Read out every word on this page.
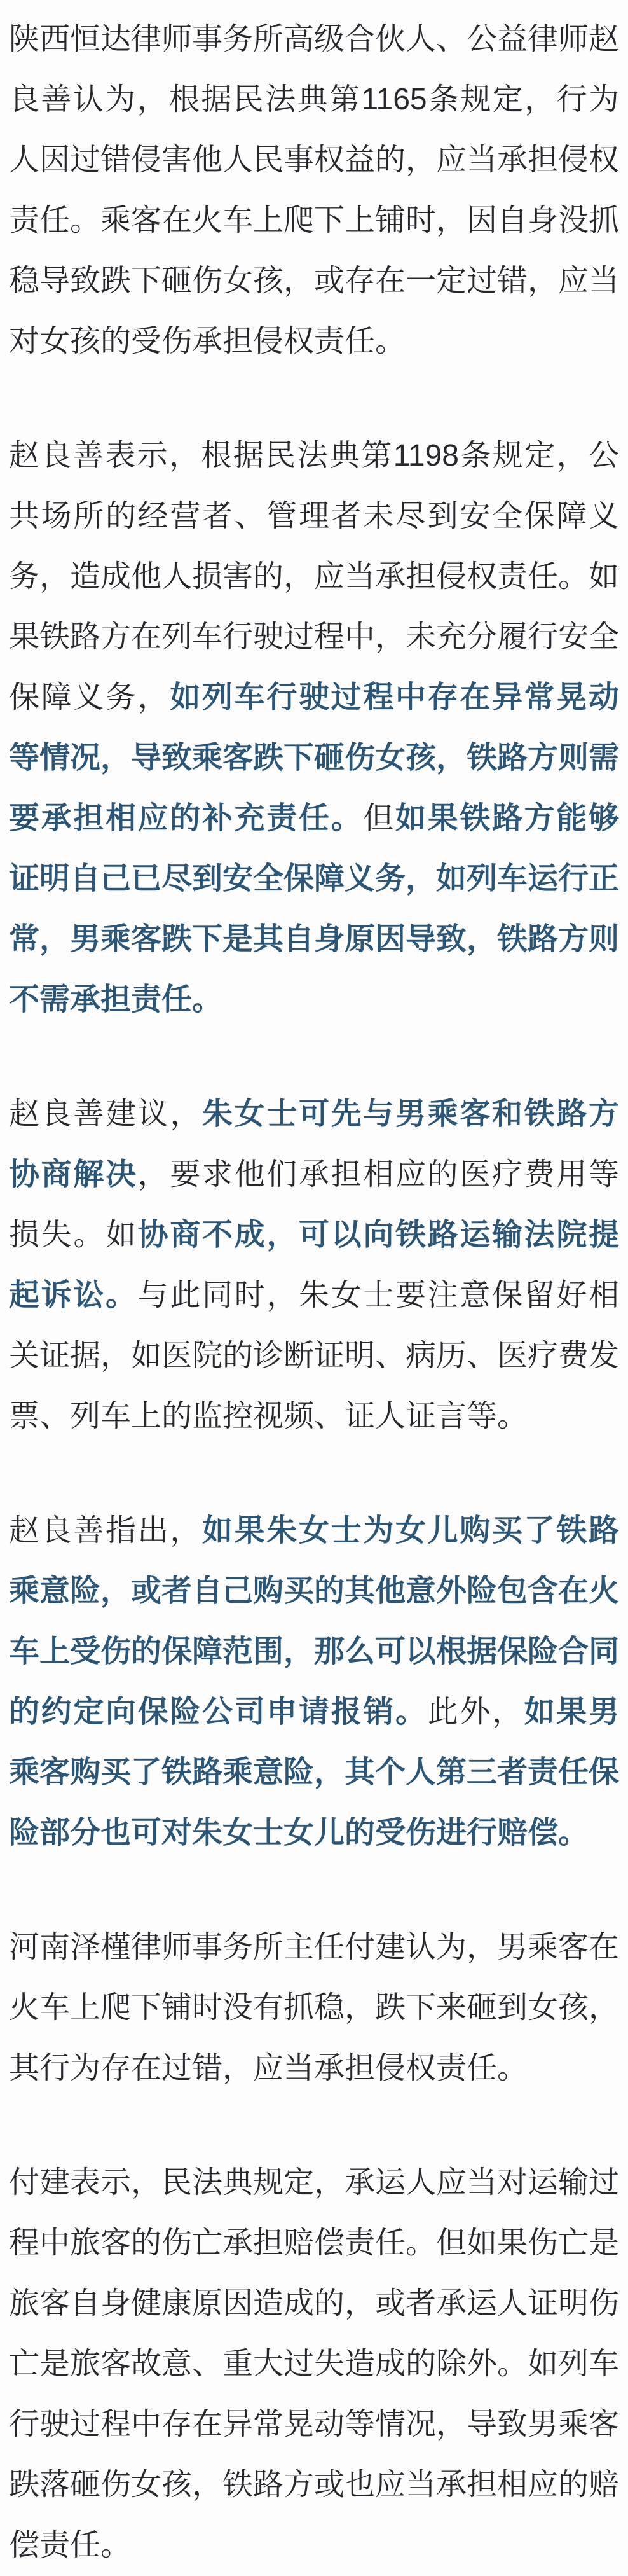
陕西恒达律师事务所高级合伙人、公益律师赵良善认为，根据民法典第1165条规定，行为人因过错侵害他人民事权益的，应当承担侵权责任。乘客在火车上爬下上铺时，因自身没抓稳导致跌下砸伤女孩，或存在一定过错，应当对女孩的受伤承担侵权责任。

赵良善表示，根据民法典第1198条规定，公共场所的经营者、管理者未尽到安全保障义务，造成他人损害的，应当承担侵权责任。如果铁路方在列车行驶过程中，未充分履行安全保障义务，如列车行驶过程中存在异常晃动等情况，导致乘客跌下砸伤女孩，铁路方则需要承担相应的补充责任。但如果铁路方能够证明自己已尽到安全保障义务，如列车运行正常，男乘客跌下是其自身原因导致，铁路方则不需承担责任。

赵良善建议，朱女士可先与男乘客和铁路方协商解决，要求他们承担相应的医疗费用等损失。如协商不成，可以向铁路运输法院提起诉讼。与此同时，朱女士要注意保留好相关证据，如医院的诊断证明、病历、医疗费发票、列车上的监控视频、证人证言等。

赵良善指出，如果朱女士为女儿购买了铁路乘意险，或者自己购买的其他意外险包含在火车上受伤的保障范围，那么可以根据保险合同的约定向保险公司申请报销。此外，如果男乘客购买了铁路乘意险，其个人第三者责任保险部分也可对朱女士女儿的受伤进行赔偿。

河南泽槿律师事务所主任付建认为，男乘客在火车上爬下铺时没有抓稳，跌下来砸到女孩，其行为存在过错，应当承担侵权责任。

付建表示，民法典规定，承运人应当对运输过程中旅客的伤亡承担赔偿责任。但如果伤亡是旅客自身健康原因造成的，或者承运人证明伤亡是旅客故意、重大过失造成的除外。如列车行驶过程中存在异常晃动等情况，导致男乘客跌落砸伤女孩，铁路方或也应当承担相应的赔偿责任。
